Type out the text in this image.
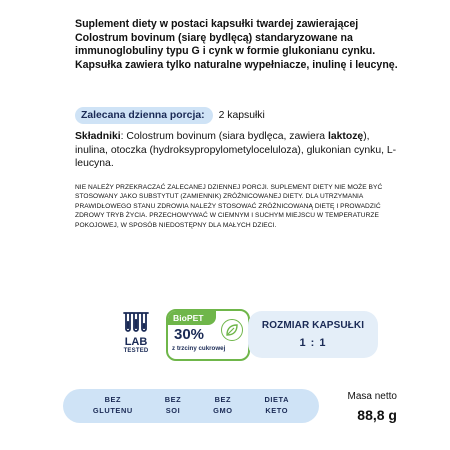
Suplement diety w postaci kapsułki twardej zawierającej Colostrum bovinum (siarę bydlęcą) standaryzowane na immunoglobuliny typu G i cynk w formie glukonianu cynku. Kapsułka zawiera tylko naturalne wypełniacze, inulinę i leucynę.
Zalecana dzienna porcja:	2 kapsułki
Składniki: Colostrum bovinum (siara bydlęca, zawiera laktozę), inulina, otoczka (hydroksypropylometyloceluloza), glukonian cynku, L-leucyna.
NIE NALEŻY PRZEKRACZAĆ ZALECANEJ DZIENNEJ PORCJI. SUPLEMENT DIETY NIE MOŻE BYĆ STOSOWANY JAKO SUBSTYTUT (ZAMIENNIK) ZRÓŻNICOWANEJ DIETY. DLA UTRZYMANIA PRAWIDŁOWEGO STANU ZDROWIA NALEŻY STOSOWAĆ ZRÓŻNICOWANĄ DIETĘ I PROWADZIĆ ZDROWY TRYB ŻYCIA. PRZECHOWYWAĆ W CIEMNYM I SUCHYM MIEJSCU W TEMPERATURZE POKOJOWEJ, W SPOSÓB NIEDOSTĘPNY DLA MAŁYCH DZIECI.
LAB
TESTED
BioPET
30%
z trzciny cukrowej
ROZMIAR KAPSUŁKI
1 : 1
BEZ
GLUTENU
BEZ
SOI
BEZ
GMO
DIETA
KETO
Masa netto
88,8 g
